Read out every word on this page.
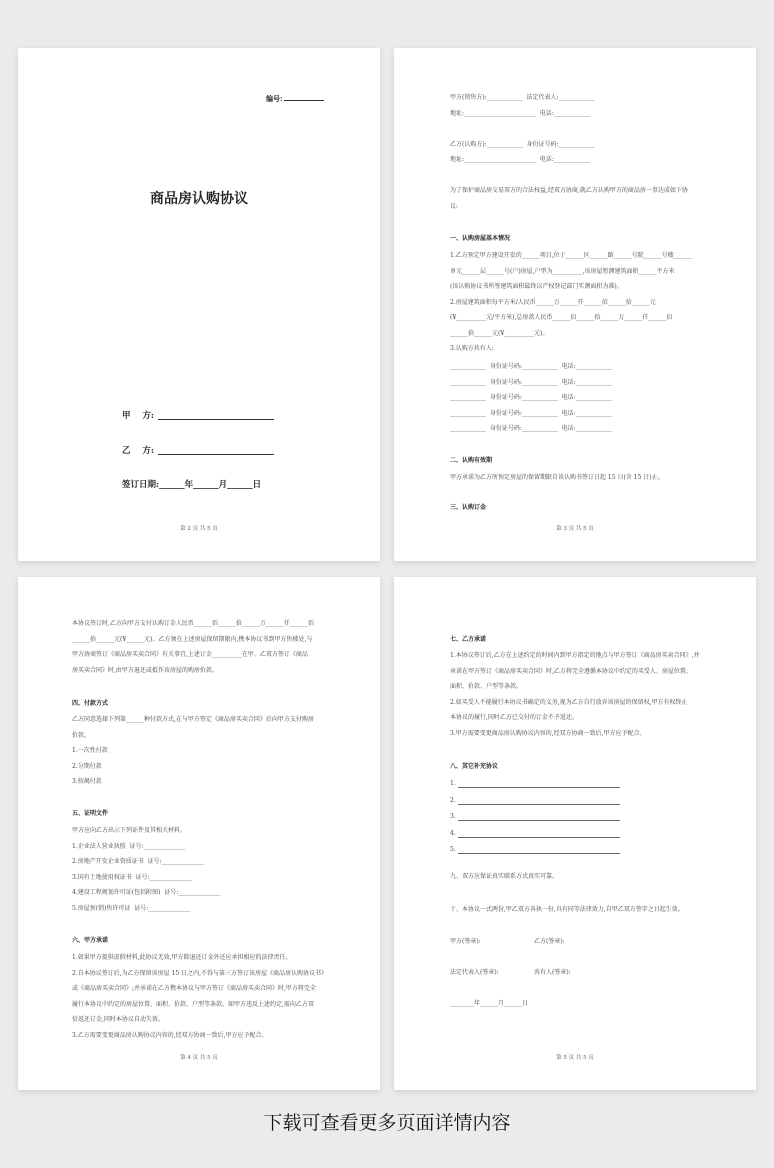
编号:
商品房认购协议
甲    方:
乙    方:
签订日期:______年______月______日
第 2 页 共 5 页
甲方(销售方):____________  法定代表人:____________
地址:________________________  电话:____________
乙方(认购方):____________  身份证号码:____________
地址:________________________  电话:____________
为了保护商品房交易双方的合法权益,经双方协商,就乙方认购甲方的商品房一事达成如下协
议:
一、认购房屋基本情况
1.乙方预定甲方建设开发的______项目,位于______区______路______号院______号楼______
单元______层______号(户)房屋,户型为__________,该房屋暂测建筑面积______平方米
(该认购协议书所签建筑面积最终以产权登记部门实测面积为准)。
2.房屋建筑面积每平方米/人民币______万______仟______佰______拾______元
(¥__________元/平方米),总房款人民币______佰______拾______万______仟______佰
______拾______元(¥__________元)。
3.认购方共有人:
____________  身份证号码:____________  电话:____________
____________  身份证号码:____________  电话:____________
____________  身份证号码:____________  电话:____________
____________  身份证号码:____________  电话:____________
____________  身份证号码:____________  电话:____________
二、认购有效期
甲方承诺为乙方所预定房屋的保留期限自该认购书签订日起 15 日(含 15 日)止。
三、认购订金
第 3 页 共 5 页
本协议签订时,乙方向甲方支付认购订金人民币______佰______拾______万______仟______佰
______拾______元(¥______元)。乙方须在上述房屋保留期限内,携本协议书到甲方售楼处,与
甲方协商签订《商品房买卖合同》有关事宜,上述订金__________在甲、乙双方签订《商品
房买卖合同》时,由甲方退还或抵作该房屋的购房价款。
四、付款方式
乙方同意选择下列第______种付款方式,在与甲方签定《商品房买卖合同》后向甲方支付购房
价款。
1.一次性付款
2.分期付款
3.按揭付款
五、证明文件
甲方应向乙方出示下列证件及其相关材料。
1.企业法人营业执照  证号:______________
2.房地产开发企业资质证书  证号:______________
3.国有土地使用权证书  证号:______________
4.建设工程规划许可证(包括附图)  证号:______________
5.房屋预(销)售许可证  证号:______________
六、甲方承诺
1.如果甲方提供虚假材料,此协议无效,甲方除退还订金外还应承担相应的法律责任。
2.自本协议签订后,为乙方保留该房屋 15 日之内,不得与第三方签订该房屋《商品房认购协议书》
或《商品房买卖合同》;并承诺在乙方携本协议与甲方签订《商品房买卖合同》时,甲方将完全
履行本协议中约定的房屋位置、面积、价款、户型等条款。如甲方违反上述约定,需向乙方双
倍返还订金,同时本协议自动失效。
3.乙方需要变更商品房认购协议内容的,经双方协商一致后,甲方应予配合。
第 4 页 共 5 页
七、乙方承诺
1.本协议签订后,乙方在上述约定的时间内到甲方指定的地点与甲方签订《商品房买卖合同》,并
承诺在甲方签订《商品房买卖合同》时,乙方将完全遵循本协议中约定的买受人、房屋位置、
面积、价款、户型等条款。
2.如买受人不能履行本协议书确定的义务,视为乙方自行放弃该房屋的保留权,甲方有权终止
本协议的履行,同时乙方已交付的订金不予返还。
3.甲方需要变更商品房认购协议内容的,经双方协商一致后,甲方应予配合。
八、其它补充协议
1.
2.
3.
4.
5.
九、双方应保证真实联系方式真实可靠。
十、本协议一式两份,甲乙双方各执一份,具有同等法律效力,自甲乙双方签字之日起生效。
甲方(签章):	乙方(签章):
法定代表人(签章):	共有人(签章):
________年______月______日
第 5 页 共 5 页
下载可查看更多页面详情内容
